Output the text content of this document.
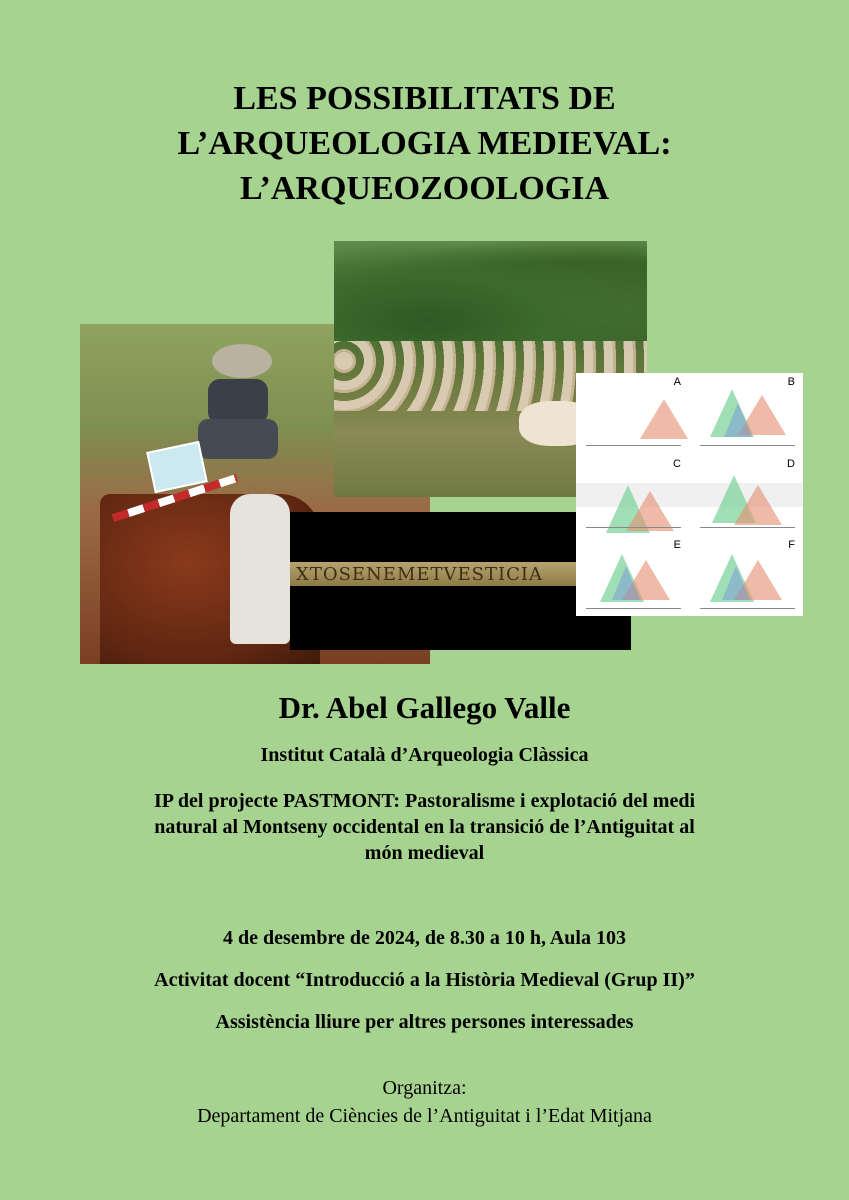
LES POSSIBILITATS DE
L’ARQUEOLOGIA MEDIEVAL:
L’ARQUEOZOOLOGIA
XTOSENEMETVESTICIA
A	B
C	D
E	F
Dr. Abel Gallego Valle
Institut Català d’Arqueologia Clàssica
IP del projecte PASTMONT: Pastoralisme i explotació del medi
natural al Montseny occidental en la transició de l’Antiguitat al
món medieval
4 de desembre de 2024, de 8.30 a 10 h, Aula 103
Activitat docent “Introducció a la Història Medieval (Grup II)”
Assistència lliure per altres persones interessades
Organitza:
Departament de Ciències de l’Antiguitat i l’Edat Mitjana
